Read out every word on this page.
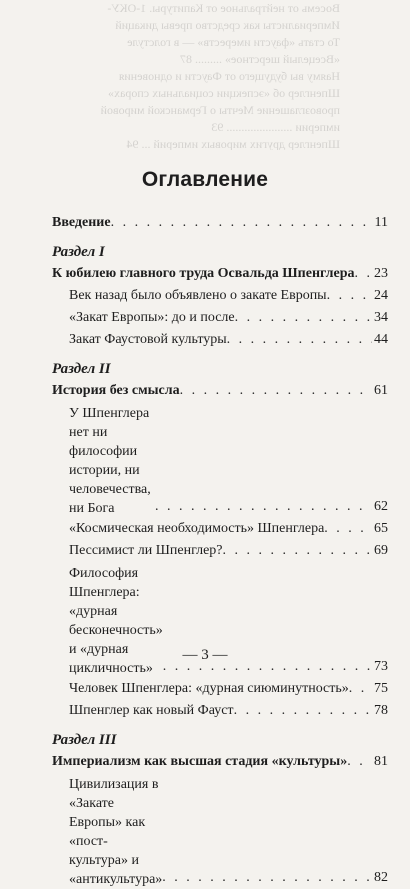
Восемь от нейтральное от Капитуры. 1-ОКУ-
Империалисты как средство превы дикаций
То стать «фаусти имереств» — в голстуле
«Всецелый шерстное» ......... 87
Наяму вы будущего от Фаусти и одновения
Шпенглер об «эспекции социальных спорах»
провозглашение Мечты о Германской мировой
империи ...................... 93
Шпенглер других мировых империй ... 94
Оглавление
Введение . . .	11
Раздел I
К юбилею главного труда Освальда Шпенглера . . . 23
Век назад было объявлено о закате Европы . . .	24
«Закат Европы»: до и после . . .	34
Закат Фаустовой культуры . . .	44
Раздел II
История без смысла . . .	61
У Шпенглера нет ни философии истории, ни человечества, ни Бога . . .	62
«Космическая необходимость» Шпенглера . . .	65
Пессимист ли Шпенглер? . . .	69
Философия Шпенглера: «дурная бесконечность» и «дурная цикличность» . . .	73
Человек Шпенглера: «дурная сиюминутность» . . . 75
Шпенглер как новый Фауст . . .	78
Раздел III
Империализм как высшая стадия «культуры» . . . 81
Цивилизация в «Закате Европы» как «пост-культура» и «антикультура» . . .	82
— 3 —
